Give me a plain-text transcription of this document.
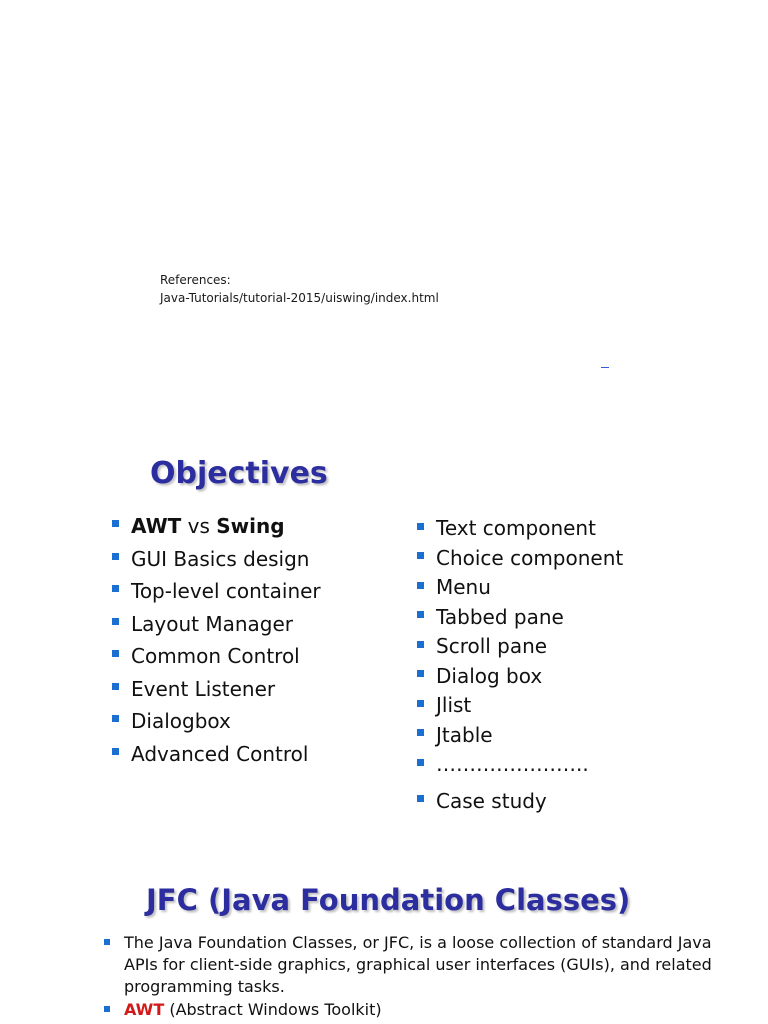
References:
Java-Tutorials/tutorial-2015/uiswing/index.html
Objectives
AWT vs Swing
GUI Basics design
Top-level container
Layout Manager
Common Control
Event Listener
Dialogbox
Advanced Control
Text component
Choice component
Menu
Tabbed pane
Scroll pane
Dialog box
Jlist
Jtable
…………………..
Case study
JFC (Java Foundation Classes)
The Java Foundation Classes, or JFC, is a loose collection of standard Java APIs for client-side graphics, graphical user interfaces (GUIs), and related programming tasks.
AWT (Abstract Windows Toolkit)
